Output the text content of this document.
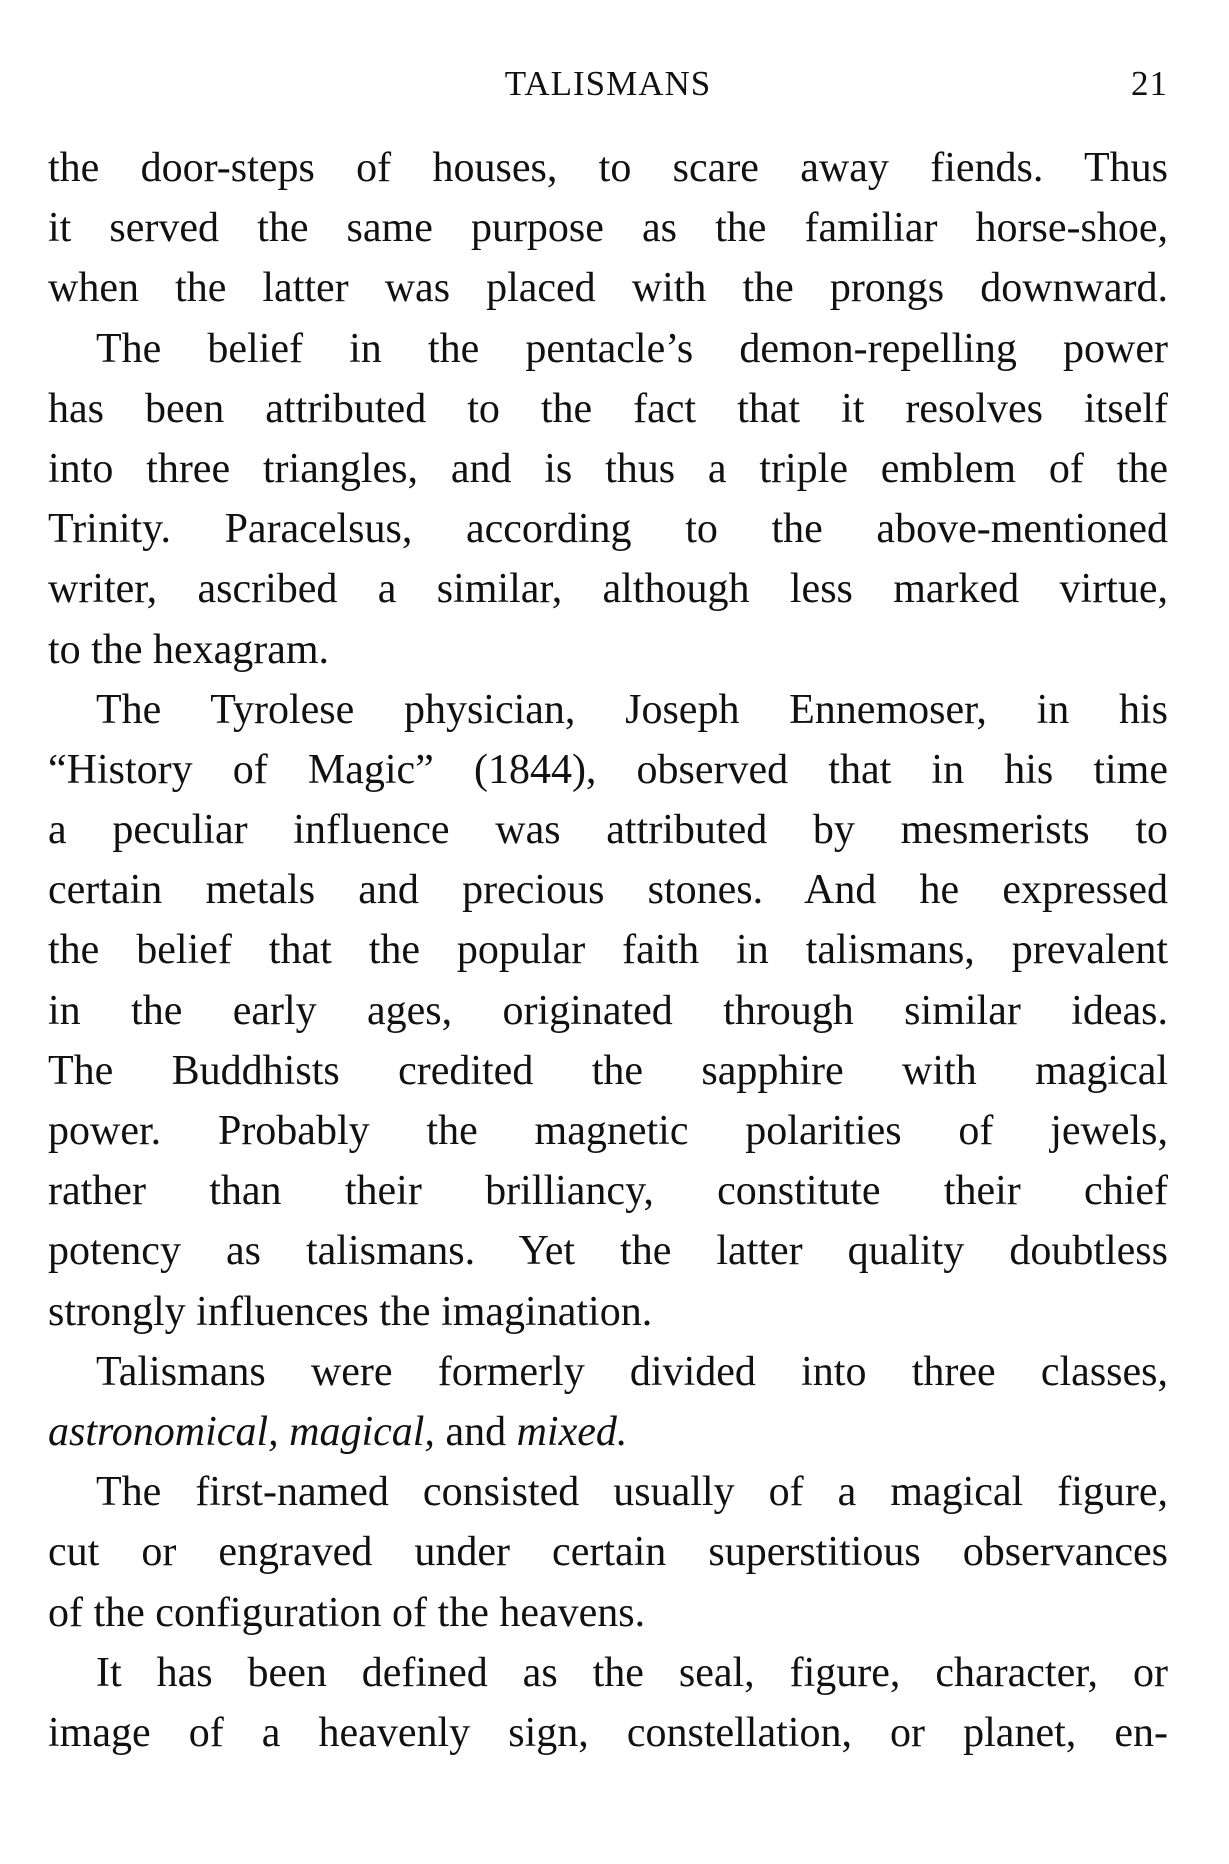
TALISMANS	21
the door-steps of houses, to scare away fiends. Thus
it served the same purpose as the familiar horse-shoe,
when the latter was placed with the prongs downward.
The belief in the pentacle’s demon-repelling power
has been attributed to the fact that it resolves itself
into three triangles, and is thus a triple emblem of the
Trinity. Paracelsus, according to the above-mentioned
writer, ascribed a similar, although less marked virtue,
to the hexagram.
The Tyrolese physician, Joseph Ennemoser, in his
“History of Magic” (1844), observed that in his time
a peculiar influence was attributed by mesmerists to
certain metals and precious stones. And he expressed
the belief that the popular faith in talismans, prevalent
in the early ages, originated through similar ideas.
The Buddhists credited the sapphire with magical
power. Probably the magnetic polarities of jewels,
rather than their brilliancy, constitute their chief
potency as talismans. Yet the latter quality doubtless
strongly influences the imagination.
Talismans were formerly divided into three classes,
astronomical, magical, and mixed.
The first-named consisted usually of a magical figure,
cut or engraved under certain superstitious observances
of the configuration of the heavens.
It has been defined as the seal, figure, character, or
image of a heavenly sign, constellation, or planet, en-
